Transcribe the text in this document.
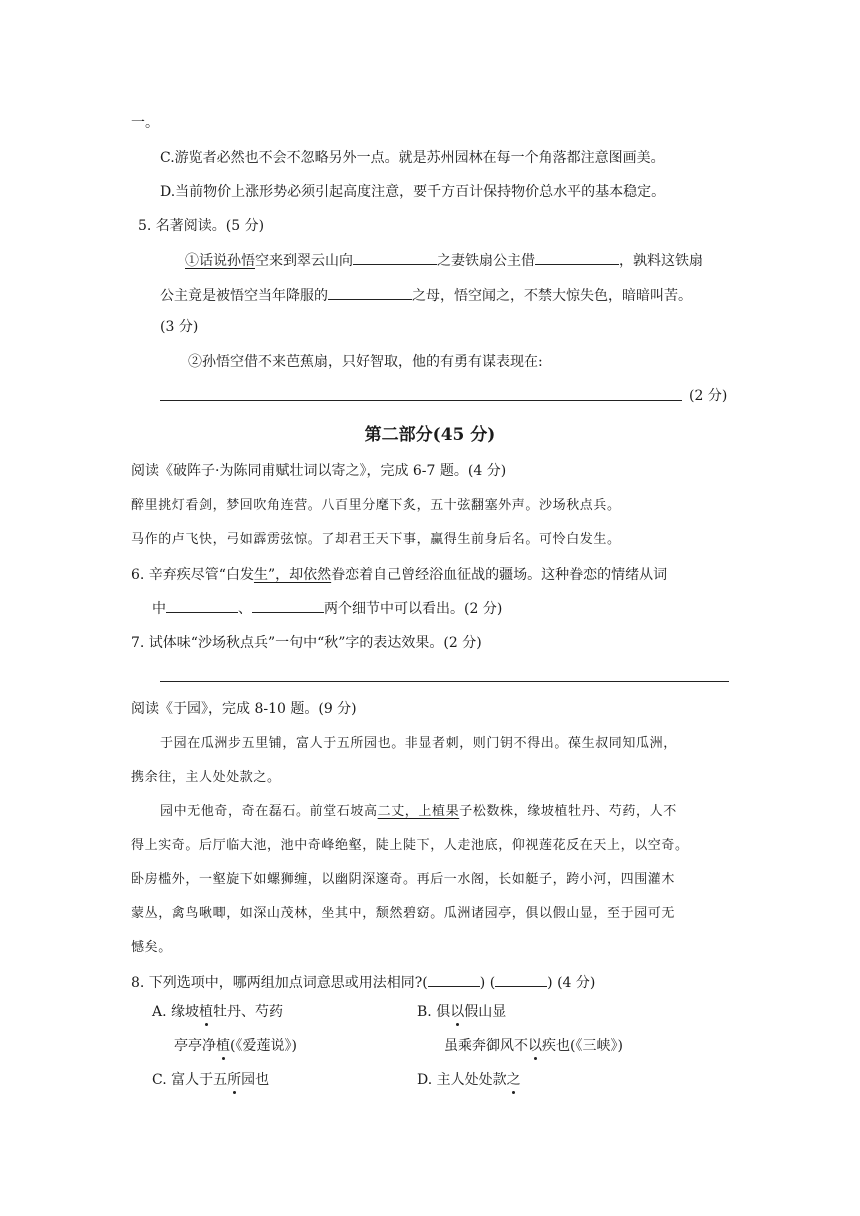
一。
C.游览者必然也不会不忽略另外一点。就是苏州园林在每一个角落都注意图画美。
D.当前物价上涨形势必须引起高度注意，要千方百计保持物价总水平的基本稳定。
5. 名著阅读。(5 分)
①话说孙悟空来到翠云山向	之妻铁扇公主借	，孰料这铁扇
公主竟是被悟空当年降服的	之母，悟空闻之，不禁大惊失色，暗暗叫苦。
(3 分)
②孙悟空借不来芭蕉扇，只好智取，他的有勇有谋表现在:
(2 分)
第二部分(45 分)
阅读《破阵子·为陈同甫赋壮词以寄之》，完成 6-7 题。(4 分)
醉里挑灯看剑，梦回吹角连营。八百里分麾下炙，五十弦翻塞外声。沙场秋点兵。
马作的卢飞快，弓如霹雳弦惊。了却君王天下事，赢得生前身后名。可怜白发生。
6. 辛弃疾尽管“白发生”，却依然眷恋着自己曾经浴血征战的疆场。这种眷恋的情绪从词
中	、	两个细节中可以看出。(2 分)
7. 试体味“沙场秋点兵”一句中“秋”字的表达效果。(2 分)
阅读《于园》，完成 8-10 题。(9 分)
于园在瓜洲步五里铺，富人于五所园也。非显者刺，则门钥不得出。葆生叔同知瓜洲，
携余往，主人处处款之。
园中无他奇，奇在磊石。前堂石坡高二丈，上植果子松数株，缘坡植牡丹、芍药，人不
得上实奇。后厅临大池，池中奇峰绝壑，陡上陡下，人走池底，仰视莲花反在天上，以空奇。
卧房槛外，一壑旋下如螺狮缠，以幽阴深邃奇。再后一水阁，长如艇子，跨小河，四围灌木
蒙丛，禽鸟啾唧，如深山茂林，坐其中，颓然碧窈。瓜洲诸园亭，俱以假山显，至于园可无
憾矣。
8. 下列选项中，哪两组加点词意思或用法相同?(	) (	) (4 分)
A. 缘坡植牡丹、芍药
亭亭净植(《爱莲说》)
B. 俱以假山显
虽乘奔御风不以疾也(《三峡》)
C. 富人于五所园也	D. 主人处处款之
